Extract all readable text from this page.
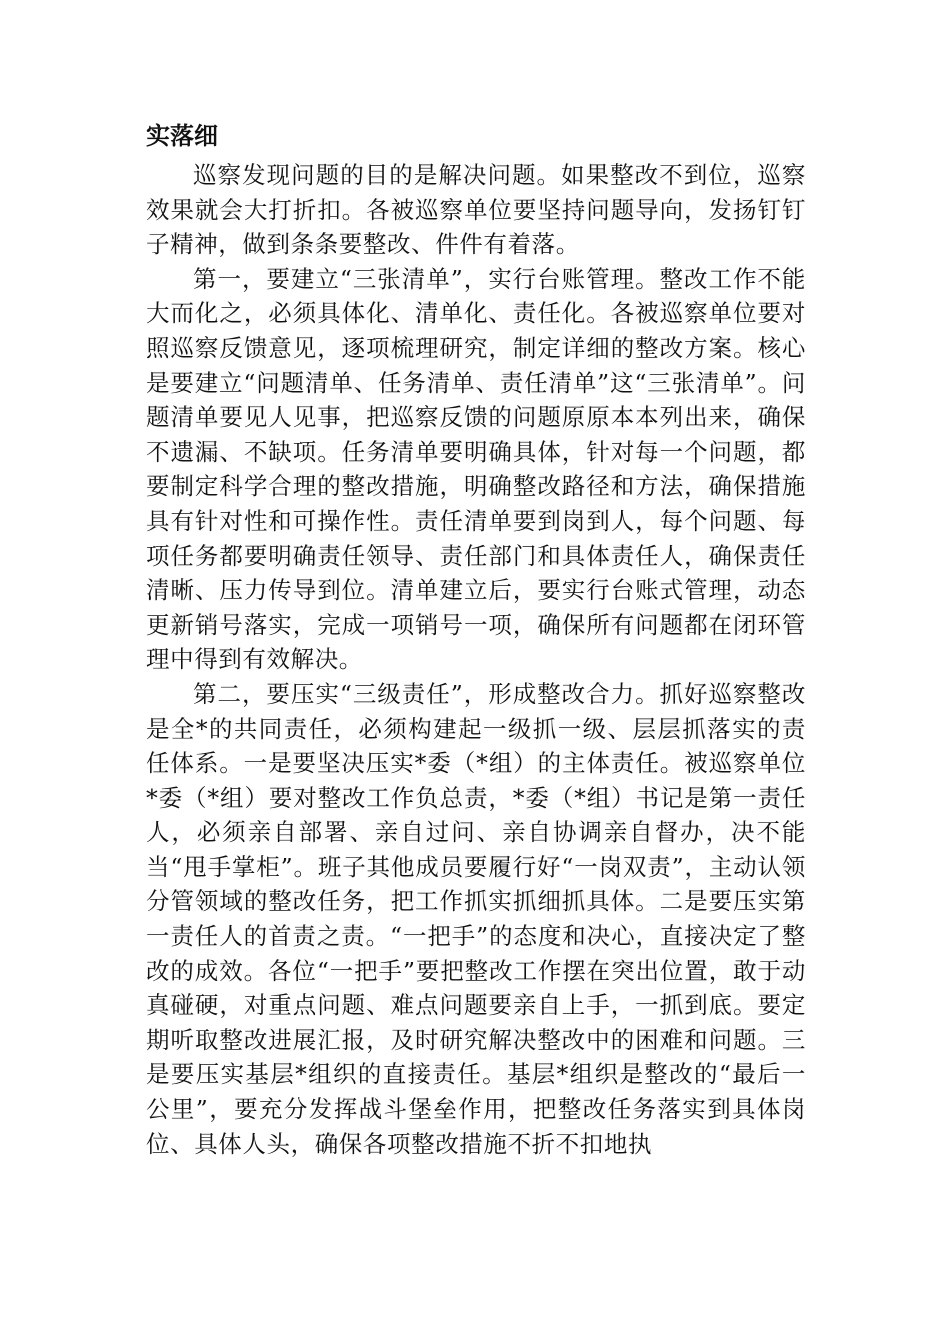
实落细

巡察发现问题的目的是解决问题。如果整改不到位，巡察效果就会大打折扣。各被巡察单位要坚持问题导向，发扬钉钉子精神，做到条条要整改、件件有着落。

第一，要建立“三张清单”，实行台账管理。整改工作不能大而化之，必须具体化、清单化、责任化。各被巡察单位要对照巡察反馈意见，逐项梳理研究，制定详细的整改方案。核心是要建立“问题清单、任务清单、责任清单”这“三张清单”。问题清单要见人见事，把巡察反馈的问题原原本本列出来，确保不遗漏、不缺项。任务清单要明确具体，针对每一个问题，都要制定科学合理的整改措施，明确整改路径和方法，确保措施具有针对性和可操作性。责任清单要到岗到人，每个问题、每项任务都要明确责任领导、责任部门和具体责任人，确保责任清晰、压力传导到位。清单建立后，要实行台账式管理，动态更新销号落实，完成一项销号一项，确保所有问题都在闭环管理中得到有效解决。

第二，要压实“三级责任”，形成整改合力。抓好巡察整改是全*的共同责任，必须构建起一级抓一级、层层抓落实的责任体系。一是要坚决压实*委（*组）的主体责任。被巡察单位*委（*组）要对整改工作负总责，*委（*组）书记是第一责任人，必须亲自部署、亲自过问、亲自协调亲自督办，决不能当“甩手掌柜”。班子其他成员要履行好“一岗双责”，主动认领分管领域的整改任务，把工作抓实抓细抓具体。二是要压实第一责任人的首责之责。“一把手”的态度和决心，直接决定了整改的成效。各位“一把手”要把整改工作摆在突出位置，敢于动真碰硬，对重点问题、难点问题要亲自上手，一抓到底。要定期听取整改进展汇报，及时研究解决整改中的困难和问题。三是要压实基层*组织的直接责任。基层*组织是整改的“最后一公里”，要充分发挥战斗堡垒作用，把整改任务落实到具体岗位、具体人头，确保各项整改措施不折不扣地执
